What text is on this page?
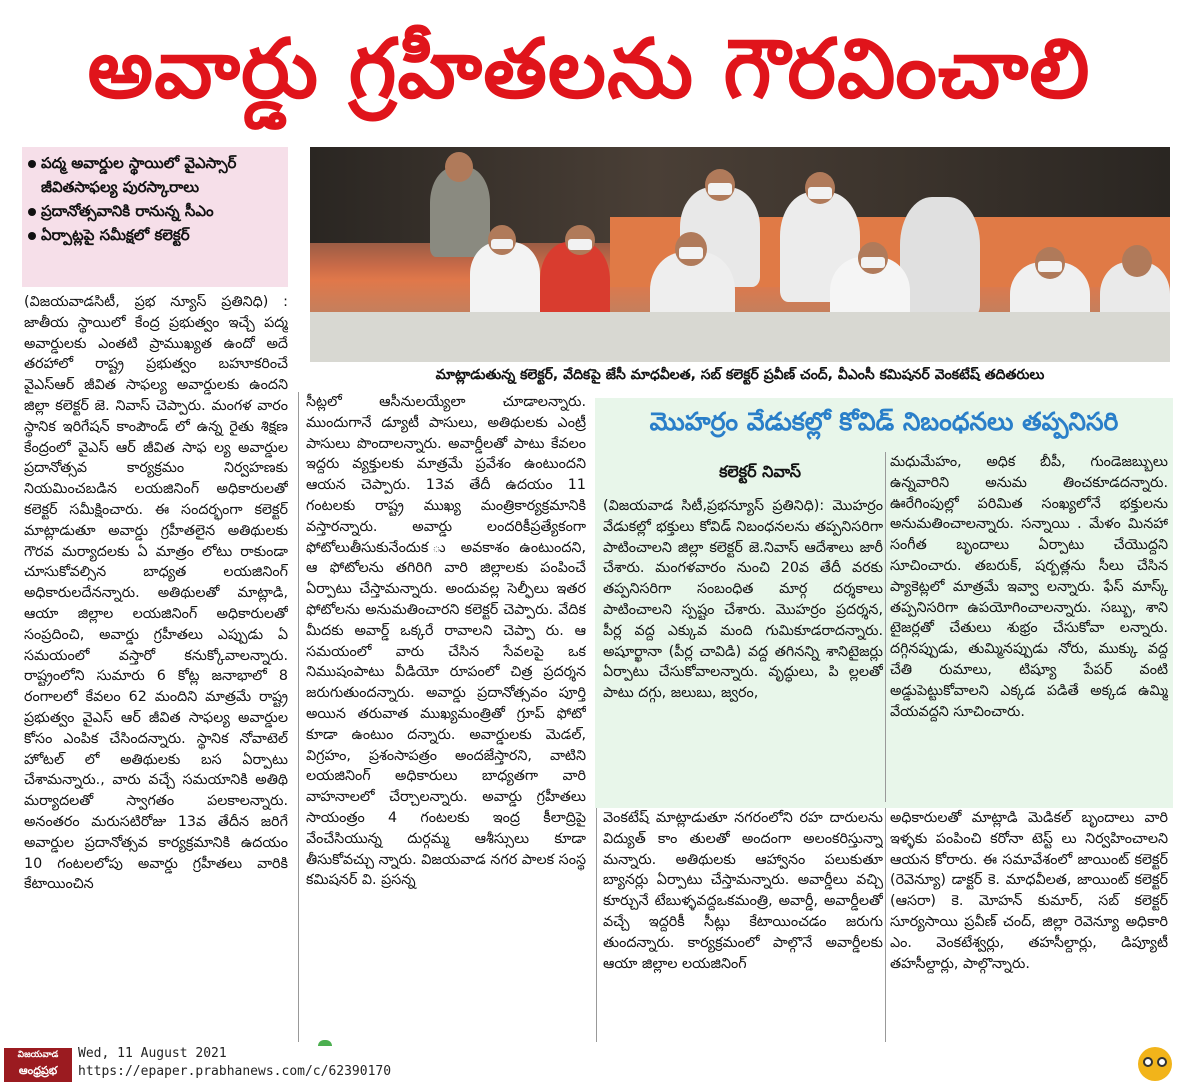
అవార్డు గ్రహీతలను గౌరవించాలి
పద్మ అవార్డుల స్థాయిలో వైఎస్సార్
జీవితసాఫల్య పురస్కారాలు
ప్రదానోత్సవానికి రానున్న సీఎం
ఏర్పాట్లపై సమీక్షలో కలెక్టర్
మాట్లాడుతున్న కలెక్టర్, వేదికపై జేసీ మాధవీలత, సబ్ కలెక్టర్ ప్రవీణ్ చంద్, వీఎంసీ కమిషనర్ వెంకటేష్ తదితరులు

(విజయవాడసిటీ, ప్రభ న్యూస్ ప్రతినిధి) : జాతీయ స్థాయిలో కేంద్ర ప్రభుత్వం ఇచ్చే పద్మ అవార్డులకు ఎంతటి ప్రాముఖ్యత ఉందో అదే తరహాలో రాష్ట్ర ప్రభుత్వం బహూకరించే వైఎస్ఆర్ జీవిత సాఫల్య అవార్డులకు ఉందని జిల్లా కలెక్టర్ జె. నివాస్ చెప్పారు. మంగళ వారం స్థానిక ఇరిగేషన్ కాంపౌండ్ లో ఉన్న రైతు శిక్షణ కేంద్రంలో వైఎస్ ఆర్ జీవిత సాఫ ల్య అవార్డుల ప్రదానోత్సవ కార్యక్రమం నిర్వహణకు నియమించబడిన లయజినింగ్ అధికారులతో కలెక్టర్ సమీక్షించారు. ఈ సందర్భంగా కలెక్టర్ మాట్లాడుతూ అవార్డు గ్రహీతలైన అతిథులకు గౌరవ మర్యాదలకు ఏ మాత్రం లోటు రాకుండా చూసుకోవల్సిన బాధ్యత లయజినింగ్ అధికారులదేనన్నారు. అతిథులతో మాట్లాడి, ఆయా జిల్లాల లయజినింగ్ అధికారులతో సంప్రదించి, అవార్డు గ్రహీతలు ఎప్పుడు ఏ సమయంలో వస్తారో కనుక్కోవాలన్నారు. రాష్ట్రంలోని సుమారు 6 కోట్ల జనాభాలో 8 రంగాలలో కేవలం 62 మందిని మాత్రమే రాష్ట్ర ప్రభుత్వం వైఎస్ ఆర్ జీవిత సాఫల్య అవార్డుల కోసం ఎంపిక చేసిందన్నారు. స్థానిక నోవాటెల్ హోటల్ లో అతిథులకు బస ఏర్పాటు చేశామన్నారు., వారు వచ్చే సమయానికి అతిథి మర్యాదలతో స్వాగతం పలకాలన్నారు. అనంతరం మరుసటిరోజు 13వ తేదీన జరిగే అవార్డుల ప్రదానోత్సవ కార్యక్రమానికి ఉదయం 10 గంటలలోపు అవార్డు గ్రహీతలు వారికి కేటాయించిన

సీట్లలో ఆసీనులయ్యేలా చూడాలన్నారు. ముందుగానే డ్యూటీ పాసులు, అతిథులకు ఎంట్రీ పాసులు పొందాలన్నారు. అవార్డీలతో పాటు కేవలం ఇద్దరు వ్యక్తులకు మాత్రమే ప్రవేశం ఉంటుందని ఆయన చెప్పారు. 13వ తేదీ ఉదయం 11 గంటలకు రాష్ట్ర ముఖ్య మంత్రికార్యక్రమానికి వస్తారన్నారు. అవార్డు లందరికీప్రత్యేకంగా ఫోటోలుతీసుకునేందుక ు అవకాశం ఉంటుందని, ఆ ఫోటోలను తగిరిగి వారి జిల్లాలకు పంపించే ఏర్పాటు చేస్తామన్నారు. అందువల్ల సెల్ఫీలు ఇతర ఫోటోలను అనుమతించారని కలెక్టర్ చెప్పారు. వేదిక మీదకు అవార్డ్ ఒక్కరే రావాలని చెప్పా రు. ఆ సమయంలో వారు చేసిన సేవలపై ఒక నిముషంపాటు వీడియో రూపంలో చిత్ర ప్రదర్శన జరుగుతుందన్నారు. అవార్డు ప్రదానోత్సవం పూర్తి అయిన తరువాత ముఖ్యమంత్రితో గ్రూప్ ఫోటో కూడా ఉంటుం దన్నారు. అవార్డులకు మెడల్, విగ్రహం, ప్రశంసాపత్రం అందజేస్తారని, వాటిని లయజినింగ్ అధికారులు బాధ్యతగా వారి వాహనాలలో చేర్చాలన్నారు. అవార్డు గ్రహీతలు సాయంత్రం 4 గంటలకు ఇంద్ర కీలాద్రిపై వేంచేసియున్న దుర్గమ్మ ఆశీస్సులు కూడా తీసుకోవచ్చు న్నారు. విజయవాడ నగర పాలక సంస్థ కమిషనర్ వి. ప్రసన్న

మొహర్రం వేడుకల్లో కోవిడ్ నిబంధనలు తప్పనిసరి
కలెక్టర్ నివాస్

(విజయవాడ సిటీ,ప్రభన్యూస్ ప్రతినిధి): మొహర్రం వేడుకల్లో భక్తులు కోవిడ్ నిబంధనలను తప్పనిసరిగా పాటించాలని జిల్లా కలెక్టర్ జె.నివాస్ ఆదేశాలు జారీ చేశారు. మంగళవారం నుంచి 20వ తేదీ వరకు తప్పనిసరిగా సంబంధిత మార్గ దర్శకాలు పాటించాలని స్పష్టం చేశారు. మొహర్రం ప్రదర్శన, పీర్ల వద్ద ఎక్కువ మంది గుమికూడరాదన్నారు. అషూర్ఖానా (పీర్ల చావిడి) వద్ద తగినన్ని శానిటైజర్లు ఏర్పాటు చేసుకోవాలన్నారు. వృద్ధులు, పి ల్లలతో పాటు దగ్గు, జలుబు, జ్వరం,

మధుమేహం, అధిక బీపీ, గుండెజబ్బులు ఉన్నవారిని అనుమ తించకూడదన్నారు. ఊరేగింపుల్లో పరిమిత సంఖ్యలోనే భక్తులను అనుమతించాలన్నారు. సన్నాయి . మేళం మినహా సంగీత బృందాలు ఏర్పాటు చేయొద్దని సూచించారు. తబరుక్, షర్బత్లను సీలు చేసిన ప్యాకెట్లలో మాత్రమే ఇవ్వా లన్నారు. ఫేస్ మాస్క్ తప్పనిసరిగా ఉపయోగించాలన్నారు. సబ్బు, శాని టైజర్లతో చేతులు శుభ్రం చేసుకోవా లన్నారు. దగ్గినప్పుడు, తుమ్మినప్పుడు నోరు, ముక్కు వద్ద చేతి రుమాలు, టిష్యూ పేపర్ వంటి అడ్డుపెట్టుకోవాలని ఎక్కడ పడితే అక్కడ ఉమ్మి వేయవద్దని సూచించారు.

వెంకటేష్ మాట్లాడుతూ నగరంలోని రహ దారులను విద్యుత్ కాం తులతో అందంగా అలంకరిస్తున్నా మన్నారు. అతిథులకు ఆహ్వానం పలుకుతూ బ్యానర్లు ఏర్పాటు చేస్తామన్నారు. అవార్డీలు వచ్చి కూర్చునే టేబుళ్ళవద్దఒకమంత్రి, అవార్డీ, అవార్డీలతో వచ్చే ఇద్దరికీ సీట్లు కేటాయించడం జరుగు తుందన్నారు. కార్యక్రమంలో పాల్గొనే అవార్డీలకు ఆయా జిల్లాల లయజినింగ్

అధికారులతో మాట్లాడి మెడికల్ బృందాలు వారి ఇళ్ళకు పంపించి కరోనా టెస్ట్ లు నిర్వహించాలని ఆయన కోరారు. ఈ సమావేశంలో జాయింట్ కలెక్టర్ (రెవెన్యూ) డాక్టర్ కె. మాధవీలత, జాయింట్ కలెక్టర్ (ఆసరా) కె. మోహన్ కుమార్, సబ్ కలెక్టర్ సూర్యసాయి ప్రవీణ్ చంద్, జిల్లా రెవెన్యూ అధికారి ఎం. వెంకటేశ్వర్లు, తహసీల్దార్లు, డిప్యూటీ తహసీల్దార్లు, పాల్గొన్నారు.

విజయవాడ
ఆంధ్రప్రభ
Wed, 11 August 2021
https://epaper.prabhanews.com/c/62390170
